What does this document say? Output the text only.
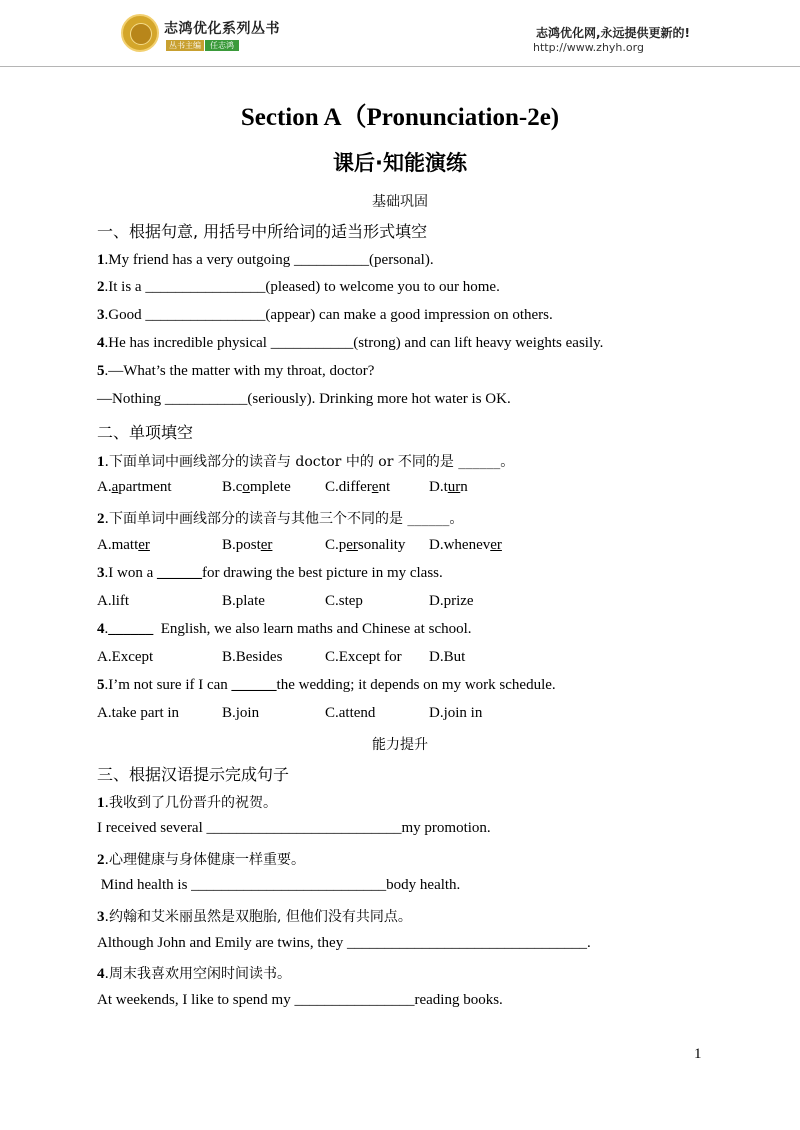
志鸿优化系列丛书
丛书主编 任志鸿
志鸿优化网,永远提供更新的!
http://www.zhyh.org
Section A（Pronunciation-2e)
课后·知能演练
基础巩固
一、根据句意, 用括号中所给词的适当形式填空
1.My friend has a very outgoing __________(personal).
2.It is a ________________(pleased) to welcome you to our home.
3.Good ________________(appear) can make a good impression on others.
4.He has incredible physical ___________(strong) and can lift heavy weights easily.
5.—What’s the matter with my throat, doctor?
—Nothing ___________(seriously). Drinking more hot water is OK.
二、单项填空
1.下面单词中画线部分的读音与 doctor 中的 or 不同的是 ______。
A.apartment	B.complete C.different	D.turn
2.下面单词中画线部分的读音与其他三个不同的是 ______。
A.matter	B.poster	C.personality D.whenever
3.I won a ______for drawing the best picture in my class.
A.lift	B.plate	C.step	D.prize
4.______  English, we also learn maths and Chinese at school.
A.Except	B.Besides	C.Except for D.But
5.I’m not sure if I can ______the wedding; it depends on my work schedule.
A.take part in	B.join	C.attend	D.join in
能力提升
三、根据汉语提示完成句子
1.我收到了几份晋升的祝贺。
I received several __________________________my promotion.
2.心理健康与身体健康一样重要。
Mind health is __________________________body health.
3.约翰和艾米丽虽然是双胞胎, 但他们没有共同点。
Although John and Emily are twins, they ________________________________.
4.周末我喜欢用空闲时间读书。
At weekends, I like to spend my ________________reading books.
1
